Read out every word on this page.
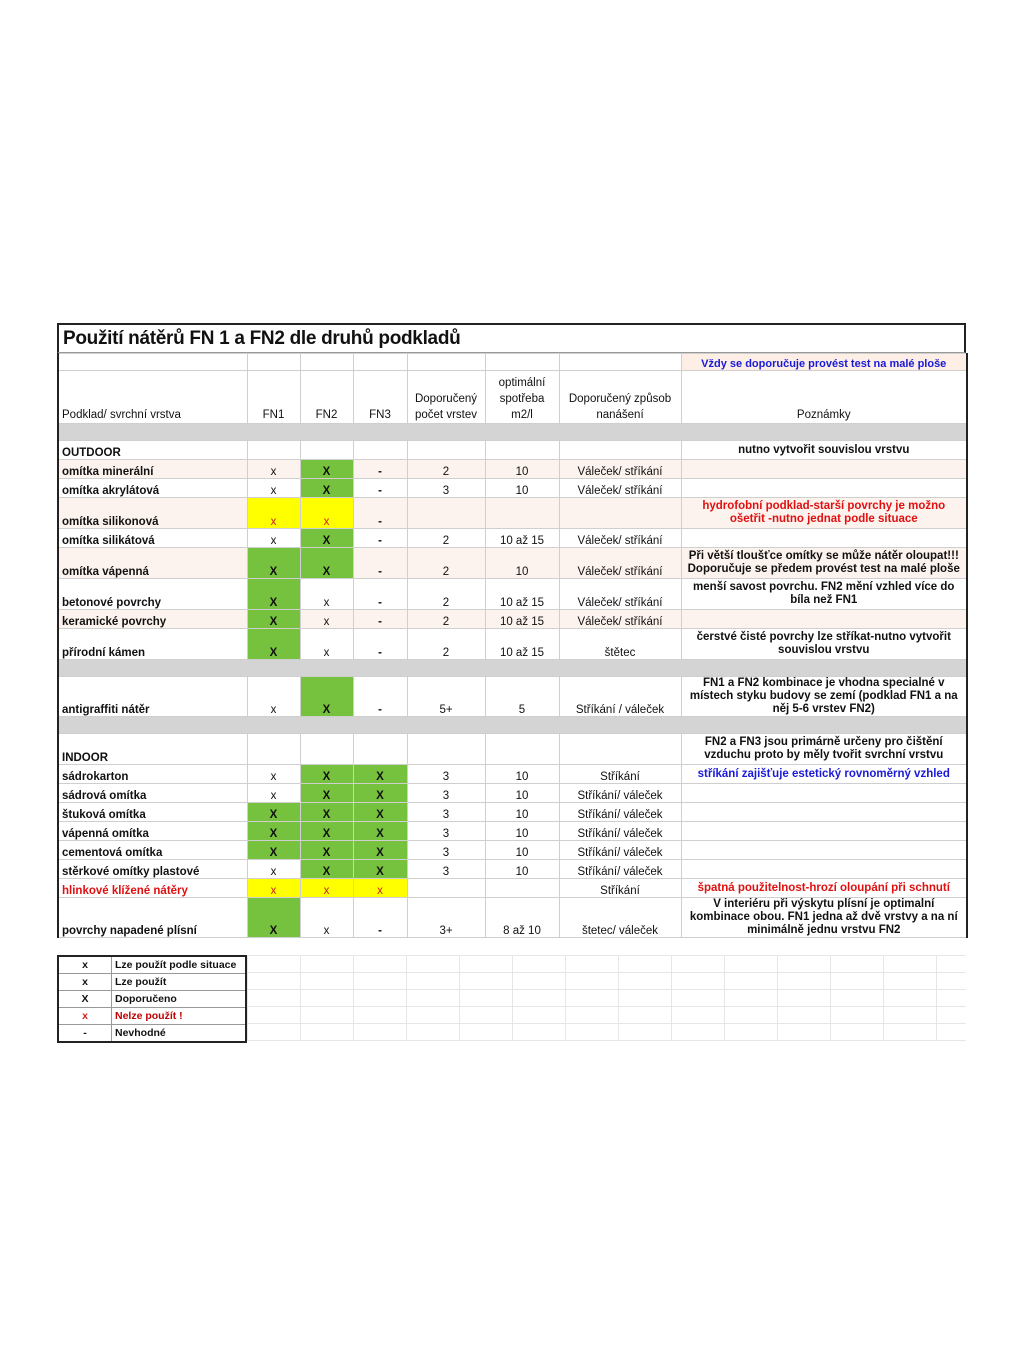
Použití nátěrů FN 1 a FN2 dle druhů podkladů
							Vždy se doporučuje provést test na malé ploše
Podklad/ svrchní vrstva	FN1	FN2	FN3	Doporučený počet vrstev	optimální spotřeba m2/l	Doporučený způsob nanášení	Poznámky

OUTDOOR							nutno vytvořit souvislou vrstvu
omítka minerální	x	X	-	2	10	Váleček/ stříkání	
omítka akrylátová	x	X	-	3	10	Váleček/ stříkání	
omítka silikonová	x	x	-				hydrofobní podklad-starší povrchy je možno ošetřit -nutno jednat podle situace
omítka silikátová	x	X	-	2	10 až 15	Váleček/ stříkání	
omítka vápenná	X	X	-	2	10	Váleček/ stříkání	Při větší tloušťce omítky se může nátěr oloupat!!! Doporučuje se předem provést test na malé ploše
betonové povrchy	X	x	-	2	10 až 15	Váleček/ stříkání	menší savost povrchu. FN2 mění vzhled více do bíla než FN1
keramické povrchy	X	x	-	2	10 až 15	Váleček/ stříkání	
přírodní kámen	X	x	-	2	10 až 15	štětec	čerstvé čisté povrchy lze stříkat-nutno vytvořit souvislou vrstvu

antigraffiti nátěr	x	X	-	5+	5	Stříkání / váleček	FN1 a FN2 kombinace je vhodna specialné v místech styku budovy se zemí (podklad FN1 a na něj 5-6 vrstev FN2)

INDOOR							FN2 a FN3 jsou primárně určeny pro čištění vzduchu proto by měly tvořit svrchní vrstvu
sádrokarton	x	X	X	3	10	Stříkání	stříkání zajišťuje estetický rovnoměrný vzhled
sádrová omítka	x	X	X	3	10	Stříkání/ váleček	
štuková omítka	X	X	X	3	10	Stříkání/ váleček	
vápenná omítka	X	X	X	3	10	Stříkání/ váleček	
cementová omítka	X	X	X	3	10	Stříkání/ váleček	
stěrkové omítky plastové	x	X	X	3	10	Stříkání/ váleček	
hlinkové klížené nátěry	x	x	x			Stříkání	špatná použitelnost-hrozí oloupání při schnutí
povrchy napadené plísní	X	x	-	3+	8 až 10	štetec/ váleček	V interiéru při výskytu plísní je optimalní kombinace obou. FN1 jedna až dvě vrstvy a na ní minimálně jednu vrstvu FN2
x	Lze použít podle situace
x	Lze použít
X	Doporučeno
x	Nelze použít !
-	Nevhodné
